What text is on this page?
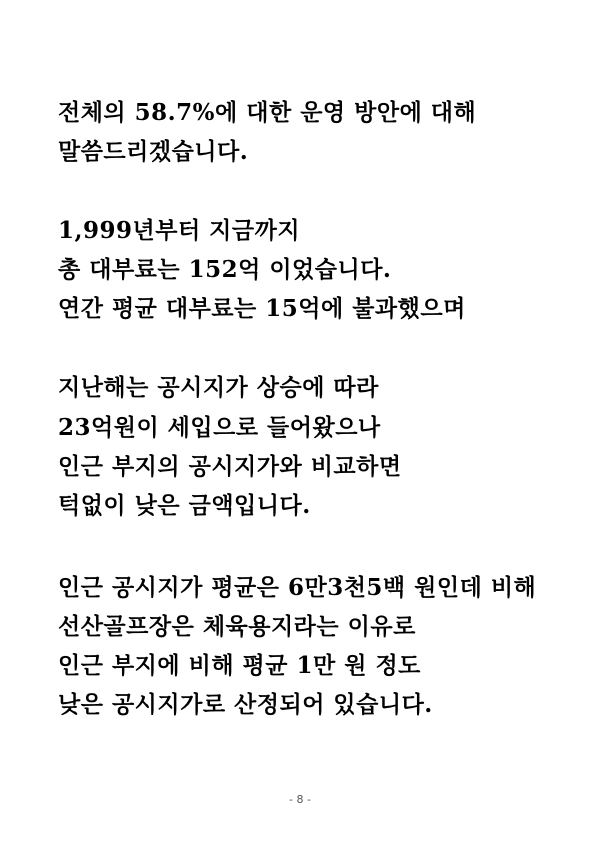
전체의 58.7%에 대한 운영 방안에 대해
말씀드리겠습니다.
1,999년부터 지금까지
총 대부료는 152억 이었습니다.
연간 평균 대부료는 15억에 불과했으며
지난해는 공시지가 상승에 따라
23억원이 세입으로 들어왔으나
인근 부지의 공시지가와 비교하면
턱없이 낮은 금액입니다.
인근 공시지가 평균은 6만3천5백 원인데 비해
선산골프장은 체육용지라는 이유로
인근 부지에 비해 평균 1만 원 정도
낮은 공시지가로 산정되어 있습니다.
- 8 -
